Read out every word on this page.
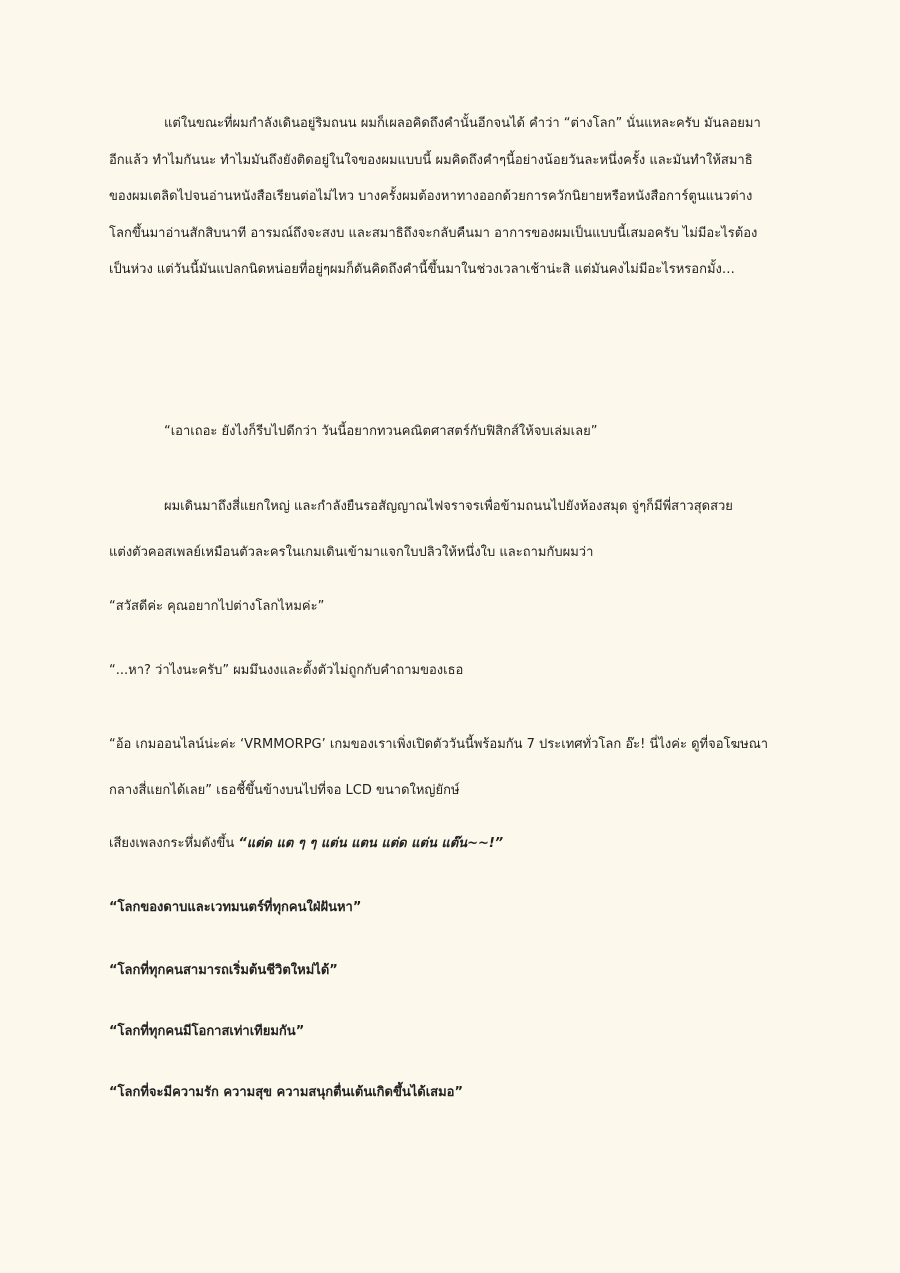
แต่ในขณะที่ผมกำลังเดินอยู่ริมถนน ผมก็เผลอคิดถึงคำนั้นอีกจนได้ คำว่า “ต่างโลก” นั่นแหละครับ มันลอยมา
อีกแล้ว ทำไมกันนะ ทำไมมันถึงยังติดอยู่ในใจของผมแบบนี้ ผมคิดถึงคำๆนี้อย่างน้อยวันละหนึ่งครั้ง และมันทำให้สมาธิ
ของผมเตลิดไปจนอ่านหนังสือเรียนต่อไม่ไหว บางครั้งผมต้องหาทางออกด้วยการควักนิยายหรือหนังสือการ์ตูนแนวต่าง
โลกขึ้นมาอ่านสักสิบนาที อารมณ์ถึงจะสงบ และสมาธิถึงจะกลับคืนมา อาการของผมเป็นแบบนี้เสมอครับ ไม่มีอะไรต้อง
เป็นห่วง แต่วันนี้มันแปลกนิดหน่อยที่อยู่ๆผมก็ดันคิดถึงคำนี้ขึ้นมาในช่วงเวลาเช้าน่ะสิ แต่มันคงไม่มีอะไรหรอกมั้ง…
“เอาเถอะ ยังไงก็รีบไปดีกว่า วันนี้อยากทวนคณิตศาสตร์กับฟิสิกส์ให้จบเล่มเลย”
ผมเดินมาถึงสี่แยกใหญ่ และกำลังยืนรอสัญญาณไฟจราจรเพื่อข้ามถนนไปยังห้องสมุด จู่ๆก็มีพี่สาวสุดสวย
แต่งตัวคอสเพลย์เหมือนตัวละครในเกมเดินเข้ามาแจกใบปลิวให้หนึ่งใบ และถามกับผมว่า
“สวัสดีค่ะ คุณอยากไปต่างโลกไหมค่ะ”
“...หา? ว่าไงนะครับ” ผมมึนงงและตั้งตัวไม่ถูกกับคำถามของเธอ
“อ้อ เกมออนไลน์น่ะค่ะ ‘VRMMORPG’ เกมของเราเพิ่งเปิดตัววันนี้พร้อมกัน 7 ประเทศทั่วโลก อ๊ะ! นี่ไงค่ะ ดูที่จอโฆษณา
กลางสี่แยกได้เลย” เธอชี้ขึ้นข้างบนไปที่จอ LCD ขนาดใหญ่ยักษ์
เสียงเพลงกระหึ่มดังขึ้น “แต่ด แต ๆ ๆ แต่น แตน แต่ด แต่น แต๊น~~!”
“โลกของดาบและเวทมนตร์ที่ทุกคนใฝ่ฝันหา”
“โลกที่ทุกคนสามารถเริ่มต้นชีวิตใหม่ได้”
“โลกที่ทุกคนมีโอกาสเท่าเทียมกัน”
“โลกที่จะมีความรัก ความสุข ความสนุกตื่นเต้นเกิดขึ้นได้เสมอ”
